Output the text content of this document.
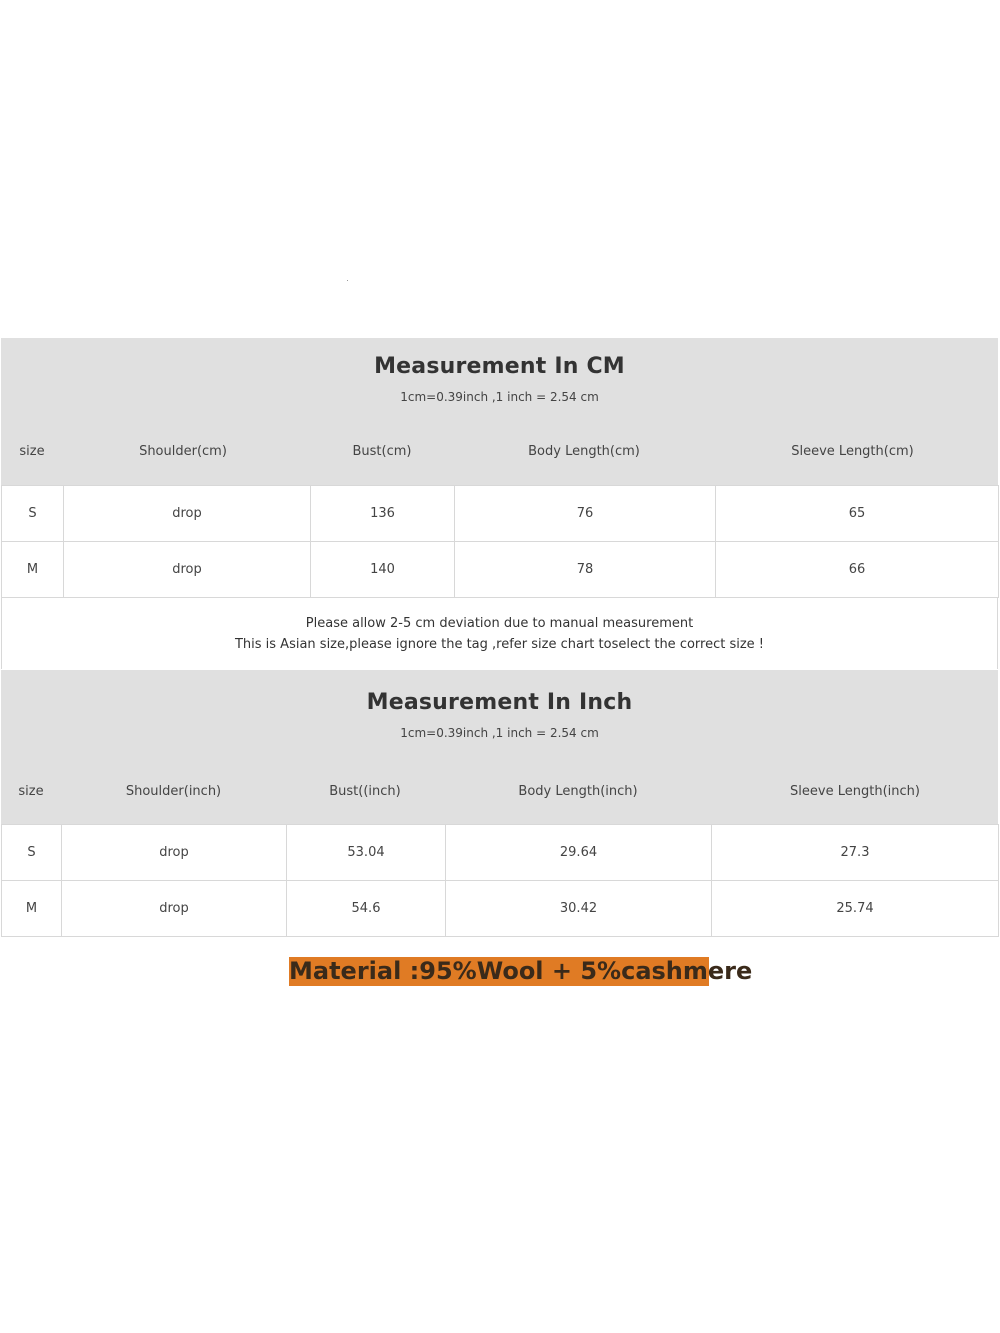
Measurement In CM
1cm=0.39inch ,1 inch = 2.54 cm
size	Shoulder(cm)	Bust(cm)	Body Length(cm)	Sleeve Length(cm)
S	drop	136	76	65
M	drop	140	78	66
Please allow 2-5 cm deviation due to manual measurement
This is Asian size,please ignore the tag ,refer size chart toselect the correct size !
Measurement In Inch
1cm=0.39inch ,1 inch = 2.54 cm
size	Shoulder(inch)	Bust((inch)	Body Length(inch)	Sleeve Length(inch)
S	drop	53.04	29.64	27.3
M	drop	54.6	30.42	25.74
Material :95%Wool + 5%cashmere
